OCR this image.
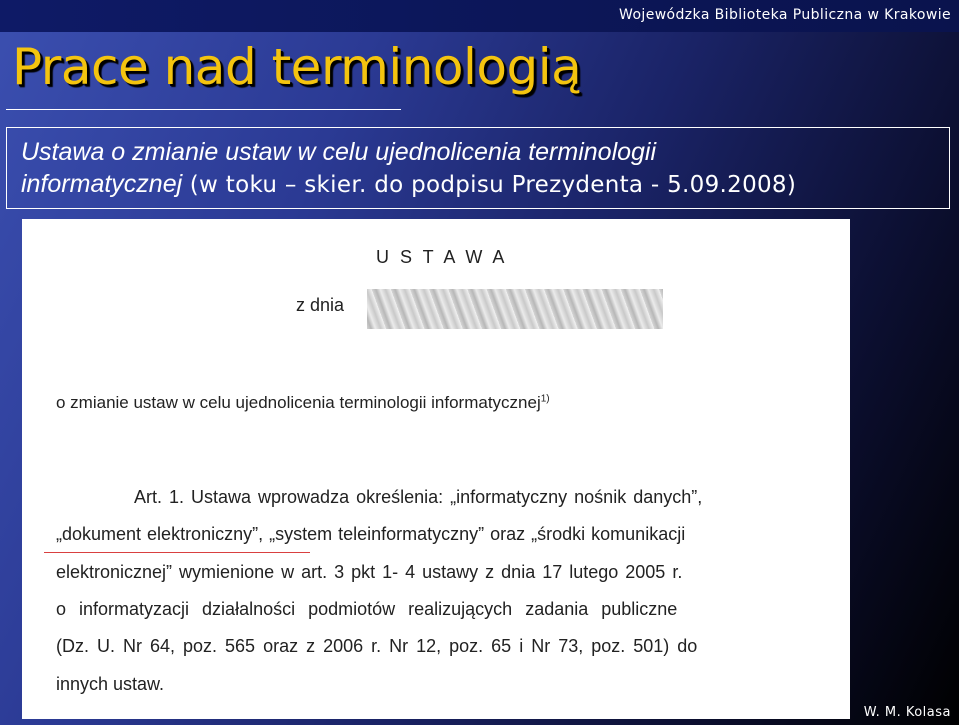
Wojewódzka Biblioteka Publiczna w Krakowie
Prace nad terminologią
Ustawa o zmianie ustaw w celu ujednolicenia terminologii
informatycznej (w toku – skier. do podpisu Prezydenta - 5.09.2008)
U S T A W A
z dnia
o zmianie ustaw w celu ujednolicenia terminologii informatycznej$^{1)}$
Art. 1. Ustawa wprowadza określenia: „informatyczny nośnik danych”,
„dokument elektroniczny”, „system teleinformatyczny” oraz „środki komunikacji
elektronicznej” wymienione w art. 3 pkt 1- 4 ustawy z dnia 17 lutego 2005 r.
o informatyzacji działalności podmiotów realizujących zadania publiczne
(Dz. U. Nr 64, poz. 565 oraz z 2006 r. Nr 12, poz. 65 i Nr 73, poz. 501) do
innych ustaw.
W. M. Kolasa
